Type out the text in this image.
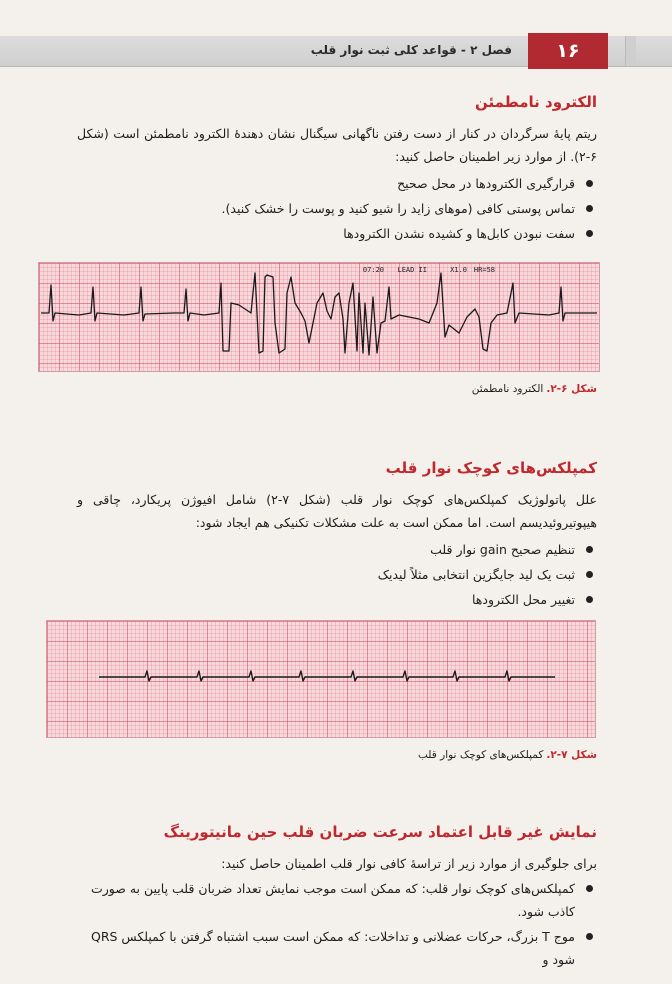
فصل ۲ - قواعد کلی ثبت نوار قلب	۱۶
الکترود نامطمئن
ریتم پایهٔ سرگردان در کنار از دست رفتن ناگهانی سیگنال نشان دهندهٔ الکترود نامطمئن است (شکل ۶-۲). از موارد زیر اطمینان حاصل کنید:
قرارگیری الکترودها در محل صحیح
تماس پوستی کافی (موهای زاید را شیو کنید و پوست را خشک کنید).
سفت نبودن کابل‌ها و کشیده نشدن الکترودها
07:20 LEAD II	X1.0 HR=58
شکل ۶-۲.الکترود نامطمئن
کمپلکس‌های کوچک نوار قلب
علل پاتولوژیک کمپلکس‌های کوچک نوار قلب (شکل ۷-۲) شامل افیوژن پریکارد، چاقی و هیپوتیروئیدیسم است. اما ممکن است به علت مشکلات تکنیکی هم ایجاد شود:
تنظیم صحیح gain نوار قلب
ثبت یک لید جایگزین انتخابی مثلاً لیدیک
تغییر محل الکترودها
شکل ۷-۲.کمپلکس‌های کوچک نوار قلب
نمایش غیر قابل اعتماد سرعت ضربان قلب حین مانیتورینگ
برای جلوگیری از موارد زیر از تراسهٔ کافی نوار قلب اطمینان حاصل کنید:
کمپلکس‌های کوچک نوار قلب: که ممکن است موجب نمایش تعداد ضربان قلب پایین به صورت کاذب شود.
موج T بزرگ، حرکات عضلانی و تداخلات: که ممکن است سبب اشتباه گرفتن با کمپلکس QRS شود و
